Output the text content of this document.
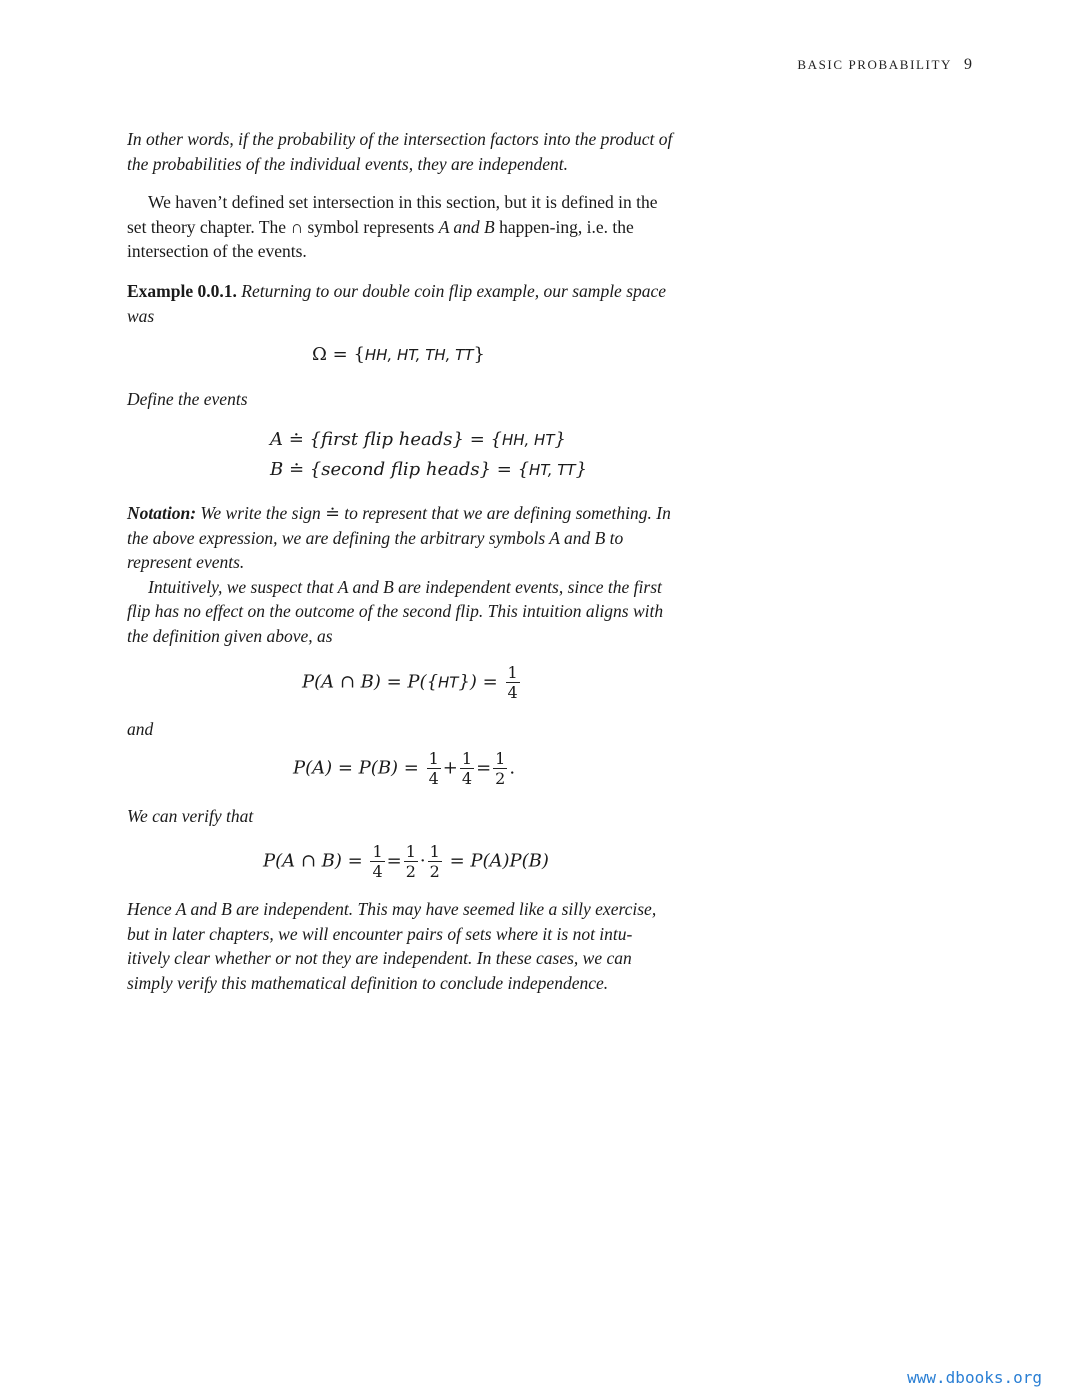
BASIC PROBABILITY 9

In other words, if the probability of the intersection factors into the product of the probabilities of the individual events, they are independent.

We haven’t defined set intersection in this section, but it is defined in the set theory chapter. The ∩ symbol represents A and B happen-ing, i.e. the intersection of the events.

Example 0.0.1. Returning to our double coin flip example, our sample space was

Ω = {HH, HT, TH, TT}

Define the events

A ≐ {first flip heads} = {HH, HT}
B ≐ {second flip heads} = {HT, TT}

Notation: We write the sign ≐ to represent that we are defining something. In the above expression, we are defining the arbitrary symbols A and B to represent events.

Intuitively, we suspect that A and B are independent events, since the first flip has no effect on the outcome of the second flip. This intuition aligns with the definition given above, as

P(A ∩ $B) = P(\{HT\}) = \frac{1}{4}$

and

$P(A) = P(B) = \frac{1}{4} + \frac{1}{4} = \frac{1}{2}$ .

We can verify that

P(A ∩ $B) = \frac{1}{4} = \frac{1}{2} \cdot \frac{1}{2} = P(A)P(B)$

Hence A and B are independent. This may have seemed like a silly exercise, but in later chapters, we will encounter pairs of sets where it is not intu-itively clear whether or not they are independent. In these cases, we can simply verify this mathematical definition to conclude independence.

www.dbooks.org
